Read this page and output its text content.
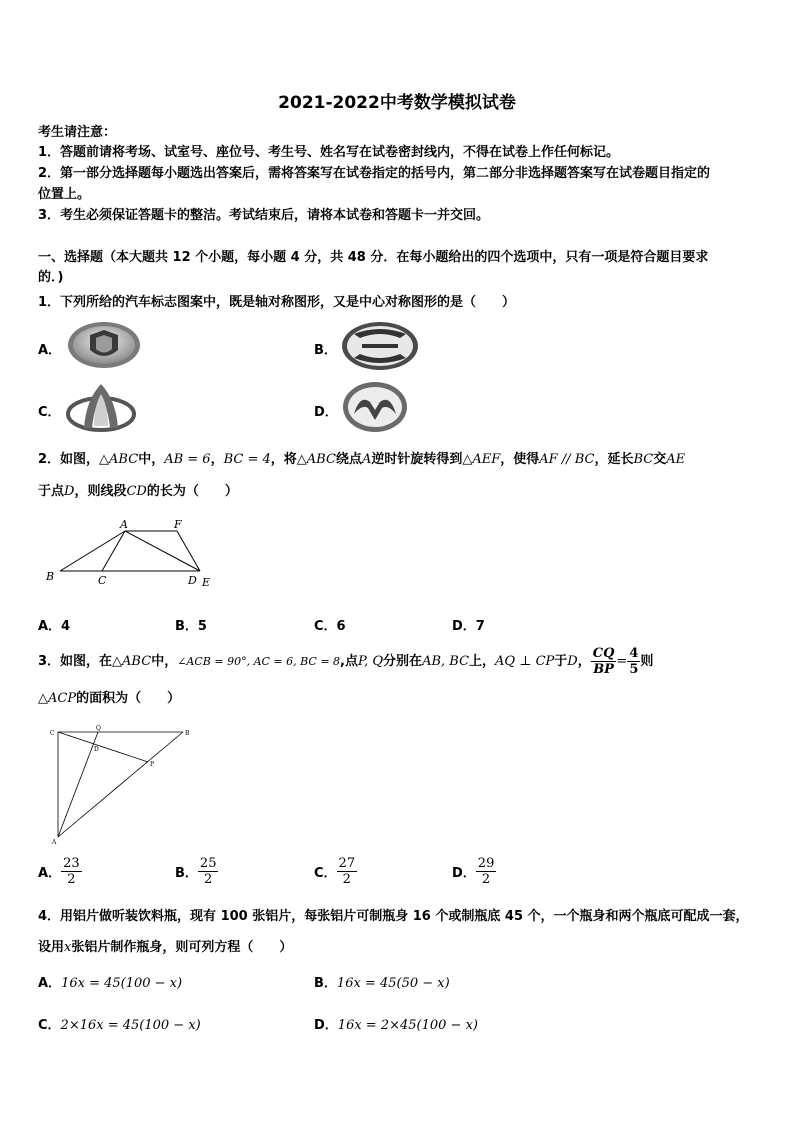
2021-2022中考数学模拟试卷
考生请注意：
1．答题前请将考场、试室号、座位号、考生号、姓名写在试卷密封线内，不得在试卷上作任何标记。
2．第一部分选择题每小题选出答案后，需将答案写在试卷指定的括号内，第二部分非选择题答案写在试卷题目指定的
位置上。
3．考生必须保证答题卡的整洁。考试结束后，请将本试卷和答题卡一并交回。
一、选择题（本大题共 12 个小题，每小题 4 分，共 48 分．在每小题给出的四个选项中，只有一项是符合题目要求
的．)
1．下列所给的汽车标志图案中，既是轴对称图形，又是中心对称图形的是（　　）
A．	B．
C．	D．
2．如图，△ABC中，AB = 6，BC = 4，将△ABC绕点A逆时针旋转得到△AEF，使得AF // BC，延长BC交AE
于点D，则线段CD的长为（　　）
A	F
B	C	D E
A．4	B．5	C．6	D．7
3．如图，在△ABC中，∠ACB = 90°, AC = 6, BC = 8,点P, Q分别在AB, BC上，AQ ⊥ CP于D， $\frac{CQ}{BP} = \frac{4}{5}$ 则
△ACP的面积为（　　）
C
Q
B
D
P
A
A． $\frac{23}{2}$	B． $\frac{25}{2}$	C． $\frac{27}{2}$	D． $\frac{29}{2}$
4．用铝片做听装饮料瓶，现有 100 张铝片，每张铝片可制瓶身 16 个或制瓶底 45 个，一个瓶身和两个瓶底可配成一套，
设用x张铝片制作瓶身，则可列方程（　　）
A．16x = 45(100 − x)	B．16x = 45(50 − x)
C．2×16x = 45(100 − x)	D．16x = 2×45(100 − x)
